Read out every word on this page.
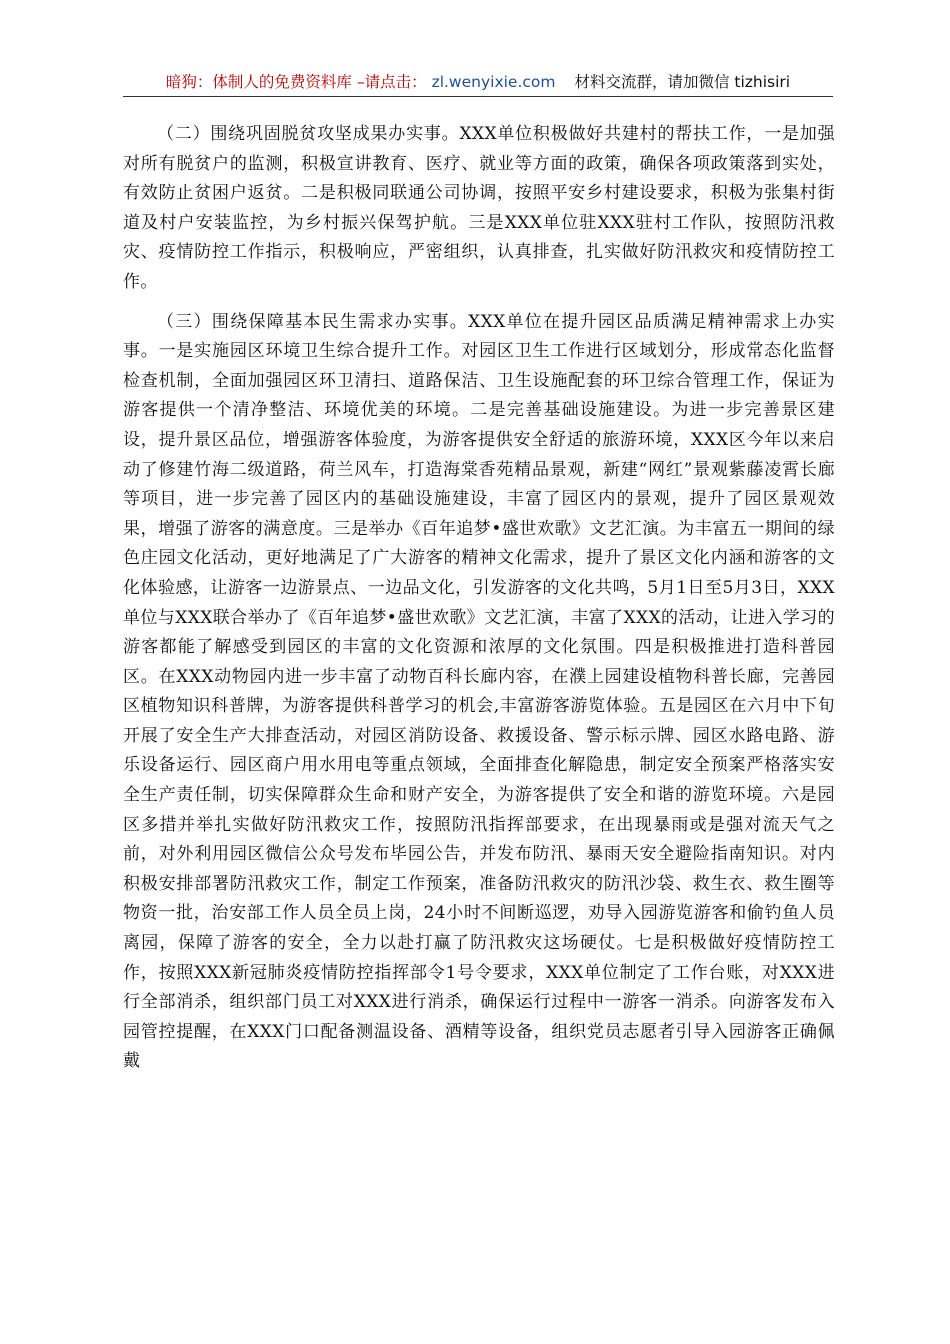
暗狗：体制人的免费资料库 –请点击： zl.wenyixie.com 材料交流群，请加微信 tizhisiri

（二）围绕巩固脱贫攻坚成果办实事。XXX单位积极做好共建村的帮扶工作，一是加强对所有脱贫户的监测，积极宣讲教育、医疗、就业等方面的政策，确保各项政策落到实处，有效防止贫困户返贫。二是积极同联通公司协调，按照平安乡村建设要求，积极为张集村街道及村户安装监控，为乡村振兴保驾护航。三是XXX单位驻XXX驻村工作队，按照防汛救灾、疫情防控工作指示，积极响应，严密组织，认真排查，扎实做好防汛救灾和疫情防控工作。

（三）围绕保障基本民生需求办实事。XXX单位在提升园区品质满足精神需求上办实事。一是实施园区环境卫生综合提升工作。对园区卫生工作进行区域划分，形成常态化监督检查机制，全面加强园区环卫清扫、道路保洁、卫生设施配套的环卫综合管理工作，保证为游客提供一个清净整洁、环境优美的环境。二是完善基础设施建设。为进一步完善景区建设，提升景区品位，增强游客体验度，为游客提供安全舒适的旅游环境，XXX区今年以来启动了修建竹海二级道路，荷兰风车，打造海棠香苑精品景观，新建“网红”景观紫藤凌霄长廊等项目，进一步完善了园区内的基础设施建设，丰富了园区内的景观，提升了园区景观效果，增强了游客的满意度。三是举办《百年追梦•盛世欢歌》文艺汇演。为丰富五一期间的绿色庄园文化活动，更好地满足了广大游客的精神文化需求，提升了景区文化内涵和游客的文化体验感，让游客一边游景点、一边品文化，引发游客的文化共鸣，5月1日至5月3日，XXX单位与XXX联合举办了《百年追梦•盛世欢歌》文艺汇演，丰富了XXX的活动，让进入学习的游客都能了解感受到园区的丰富的文化资源和浓厚的文化氛围。四是积极推进打造科普园区。在XXX动物园内进一步丰富了动物百科长廊内容，在濮上园建设植物科普长廊，完善园区植物知识科普牌，为游客提供科普学习的机会,丰富游客游览体验。五是园区在六月中下旬开展了安全生产大排查活动，对园区消防设备、救援设备、警示标示牌、园区水路电路、游乐设备运行、园区商户用水用电等重点领域，全面排查化解隐患，制定安全预案严格落实安全生产责任制，切实保障群众生命和财产安全，为游客提供了安全和谐的游览环境。六是园区多措并举扎实做好防汛救灾工作，按照防汛指挥部要求，在出现暴雨或是强对流天气之前，对外利用园区微信公众号发布毕园公告，并发布防汛、暴雨天安全避险指南知识。对内积极安排部署防汛救灾工作，制定工作预案，准备防汛救灾的防汛沙袋、救生衣、救生圈等物资一批，治安部工作人员全员上岗，24小时不间断巡逻，劝导入园游览游客和偷钓鱼人员离园，保障了游客的安全，全力以赴打赢了防汛救灾这场硬仗。七是积极做好疫情防控工作，按照XXX新冠肺炎疫情防控指挥部令1号令要求，XXX单位制定了工作台账，对XXX进行全部消杀，组织部门员工对XXX进行消杀，确保运行过程中一游客一消杀。向游客发布入园管控提醒，在XXX门口配备测温设备、酒精等设备，组织党员志愿者引导入园游客正确佩戴
